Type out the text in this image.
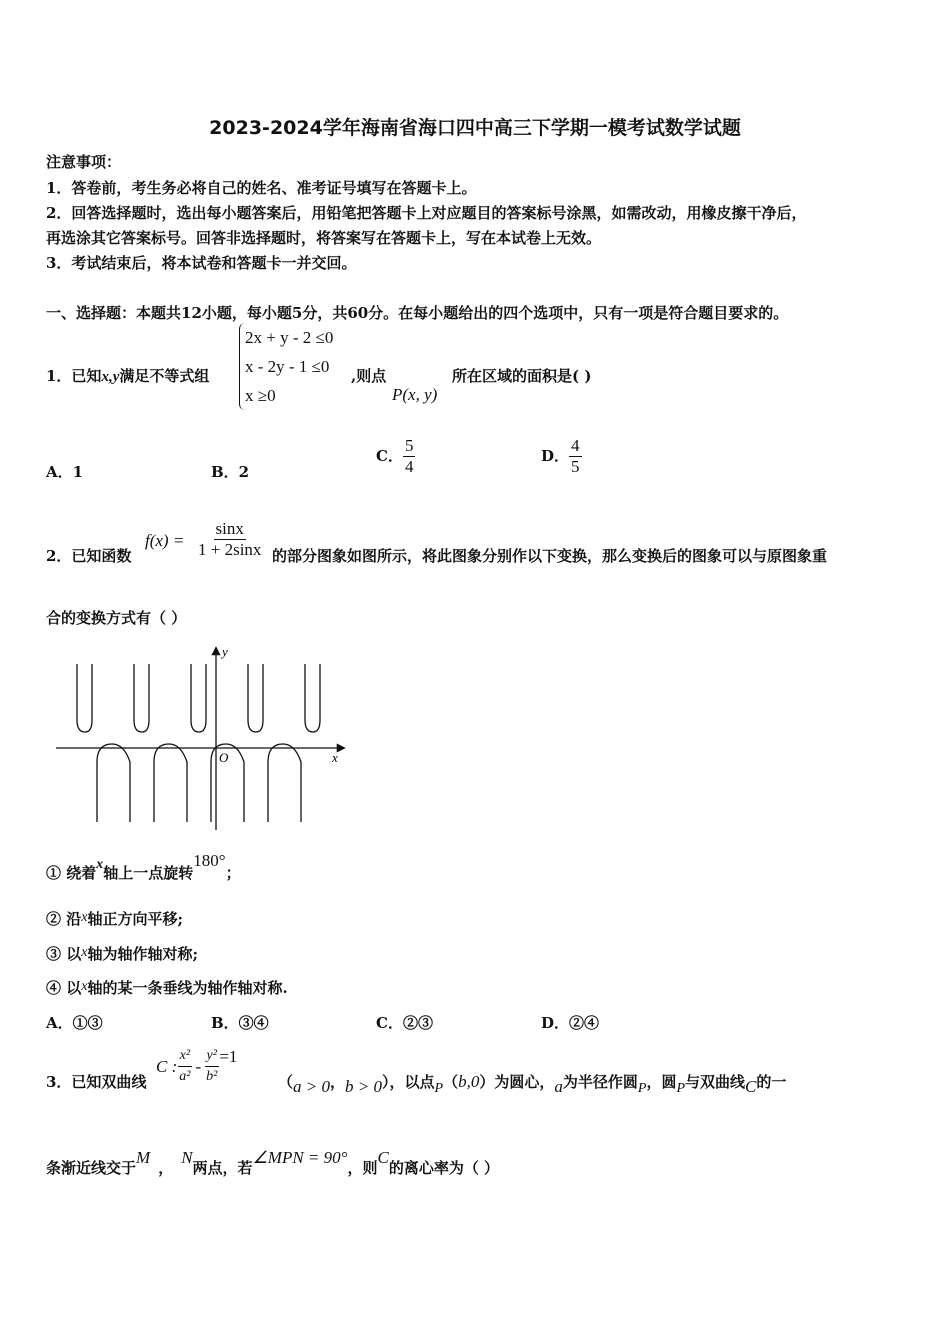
2023-2024学年海南省海口四中高三下学期一模考试数学试题
注意事项：
1．答卷前，考生务必将自己的姓名、准考证号填写在答题卡上。
2．回答选择题时，选出每小题答案后，用铅笔把答题卡上对应题目的答案标号涂黑，如需改动，用橡皮擦干净后，
再选涂其它答案标号。回答非选择题时，将答案写在答题卡上，写在本试卷上无效。
3．考试结束后，将本试卷和答题卡一并交回。
一、选择题：本题共12小题，每小题5分，共60分。在每小题给出的四个选项中，只有一项是符合题目要求的。
1．已知x,y满足不等式组
2x + y - 2 ≤0
x - 2y - 1 ≤0
x ≥0
,则点
P(x, y)
所在区域的面积是( )
A．1	B．2
C． $\frac{5}{4}$	D． $\frac{4}{5}$
2．已知函数
$f(x) = \frac{\sin x}{1 + 2\sin x}$ 的部分图象如图所示，将此图象分别作以下变换，那么变换后的图象可以与原图象重
合的变换方式有（ ）
y
x
O
① 绕着x轴上一点旋转180°；
② 沿x轴正方向平移;
③ 以x轴为轴作轴对称;
④ 以x轴的某一条垂线为轴作轴对称.
A．①③	B．③④	C．②③	D．②④
3．已知双曲线
C : $\frac{\text{x²}}{\text{a²}} - \frac{\text{y²}}{\text{b²}} =1$
（a > 0，b > 0），以点P（b,0）为圆心，a为半径作圆P，圆P与双曲线C的一
条渐近线交于M，N两点，若∠MPN = 90°，则C的离心率为（ ）
